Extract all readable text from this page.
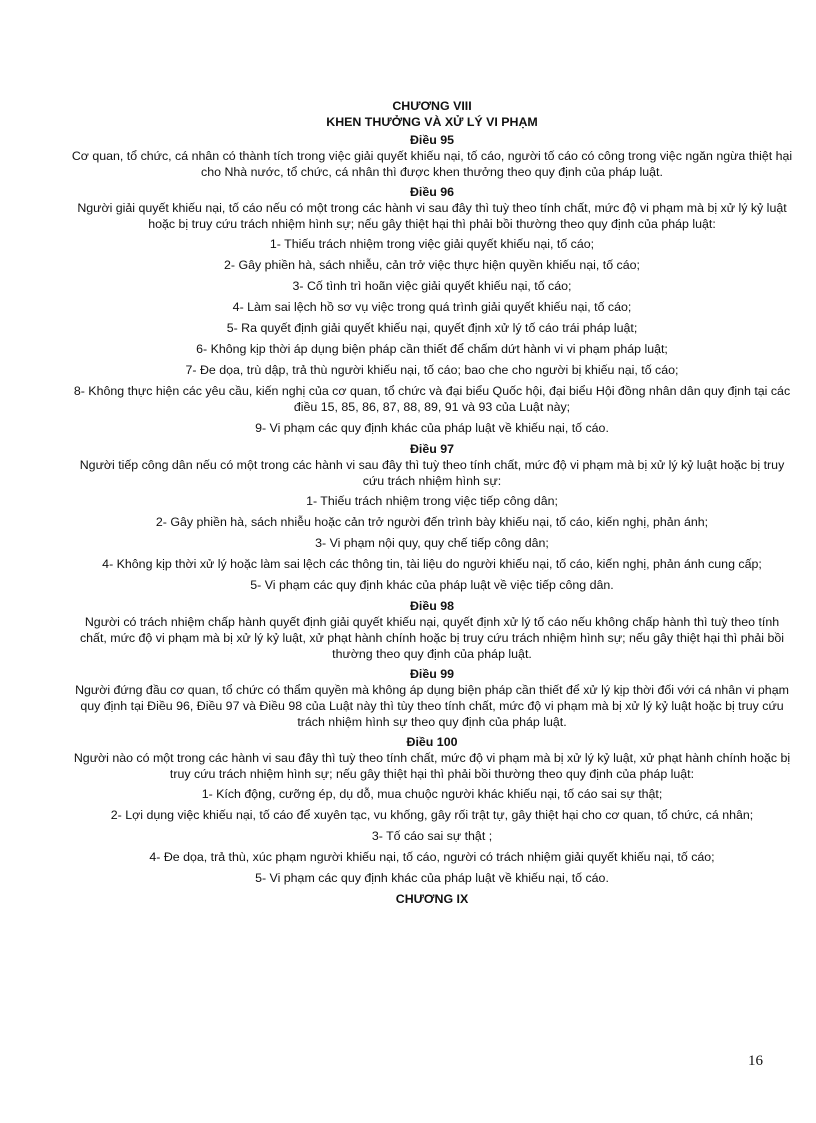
CHƯƠNG VIII
KHEN THƯỞNG VÀ XỬ LÝ VI PHẠM
Điều 95
Cơ quan, tổ chức, cá nhân có thành tích trong việc giải quyết khiếu nại, tố cáo, người tố cáo có công trong việc ngăn ngừa thiệt hại cho Nhà nước, tổ chức, cá nhân thì được khen thưởng theo quy định của pháp luật.
Điều 96
Người giải quyết khiếu nại, tố cáo nếu có một trong các hành vi sau đây thì tuỳ theo tính chất, mức độ vi phạm mà bị xử lý kỷ luật hoặc bị truy cứu trách nhiệm hình sự; nếu gây thiệt hại thì phải bồi thường theo quy định của pháp luật:
1- Thiếu trách nhiệm trong việc giải quyết khiếu nại, tố cáo;
2- Gây phiền hà, sách nhiễu, cản trở việc thực hiện quyền khiếu nại, tố cáo;
3- Cố tình trì hoãn việc giải quyết khiếu nại, tố cáo;
4- Làm sai lệch hồ sơ vụ việc trong quá trình giải quyết khiếu nại, tố cáo;
5- Ra quyết định giải quyết khiếu nại, quyết định xử lý tố cáo trái pháp luật;
6- Không kịp thời áp dụng biện pháp cần thiết để chấm dứt hành vi vi phạm pháp luật;
7- Đe dọa, trù dập, trả thù người khiếu nại, tố cáo; bao che cho người bị khiếu nại, tố cáo;
8- Không thực hiện các yêu cầu, kiến nghị của cơ quan, tổ chức và đại biểu Quốc hội, đại biểu Hội đồng nhân dân quy định tại các điều 15, 85, 86, 87, 88, 89, 91 và 93 của Luật này;
9- Vi phạm các quy định khác của pháp luật về khiếu nại, tố cáo.
Điều 97
Người tiếp công dân nếu có một trong các hành vi sau đây thì tuỳ theo tính chất, mức độ vi phạm mà bị xử lý kỷ luật hoặc bị truy cứu trách nhiệm hình sự:
1- Thiếu trách nhiệm trong việc tiếp công dân;
2- Gây phiền hà, sách nhiễu hoặc cản trở người đến trình bày khiếu nại, tố cáo, kiến nghị, phản ánh;
3- Vi phạm nội quy, quy chế tiếp công dân;
4- Không kịp thời xử lý hoặc làm sai lệch các thông tin, tài liệu do người khiếu nại, tố cáo, kiến nghị, phản ánh cung cấp;
5- Vi phạm các quy định khác của pháp luật về việc tiếp công dân.
Điều 98
Người có trách nhiệm chấp hành quyết định giải quyết khiếu nại, quyết định xử lý tố cáo nếu không chấp hành thì tuỳ theo tính chất, mức độ vi phạm mà bị xử lý kỷ luật, xử phạt hành chính hoặc bị truy cứu trách nhiệm hình sự; nếu gây thiệt hại thì phải bồi thường theo quy định của pháp luật.
Điều 99
Người đứng đầu cơ quan, tổ chức có thẩm quyền mà không áp dụng biện pháp cần thiết để xử lý kịp thời đối với cá nhân vi phạm quy định tại Điều 96, Điều 97 và Điều 98 của Luật này thì tùy theo tính chất, mức độ vi phạm mà bị xử lý kỷ luật hoặc bị truy cứu trách nhiệm hình sự theo quy định của pháp luật.
Điều 100
Người nào có một trong các hành vi sau đây thì tuỳ theo tính chất, mức độ vi phạm mà bị xử lý kỷ luật, xử phạt hành chính hoặc bị truy cứu trách nhiệm hình sự; nếu gây thiệt hại thì phải bồi thường theo quy định của pháp luật:
1- Kích động, cưỡng ép, dụ dỗ, mua chuộc người khác khiếu nại, tố cáo sai sự thật;
2- Lợi dụng việc khiếu nại, tố cáo để xuyên tạc, vu khống, gây rối trật tự, gây thiệt hại cho cơ quan, tổ chức, cá nhân;
3- Tố cáo sai sự thật ;
4- Đe dọa, trả thù, xúc phạm người khiếu nại, tố cáo, người có trách nhiệm giải quyết khiếu nại, tố cáo;
5- Vi phạm các quy định khác của pháp luật về khiếu nại, tố cáo.
CHƯƠNG IX
16
